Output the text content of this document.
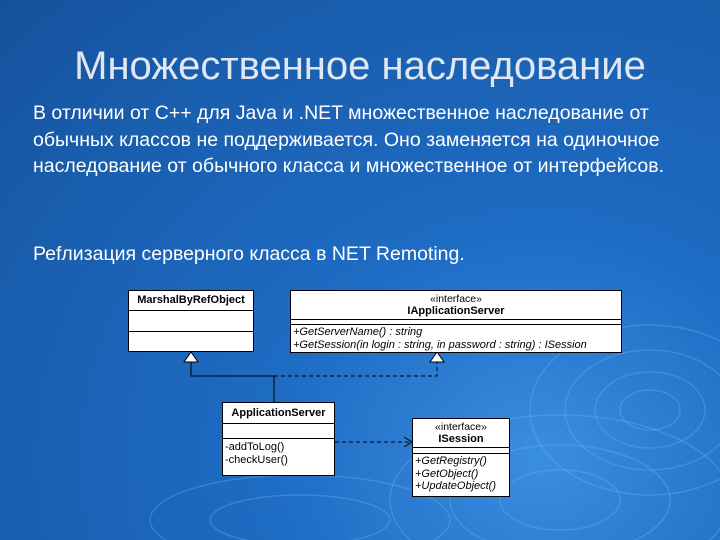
Множественное наследование
В отличии от C++ для Java и .NET множественное наследование от обычных классов не поддерживается. Оно заменяется на одиночное наследование от обычного класса и множественное от интерфейсов.
Реfлизация серверного класса в NET Remoting.
MarshalByRefObject	«interface»
IApplicationServer
+GetServerName() : string
+GetSession(in login : string, in password : string) : ISession
ApplicationServer
-addToLog()
-checkUser()
«interface»
ISession
+GetRegistry()
+GetObject()
+UpdateObject()
